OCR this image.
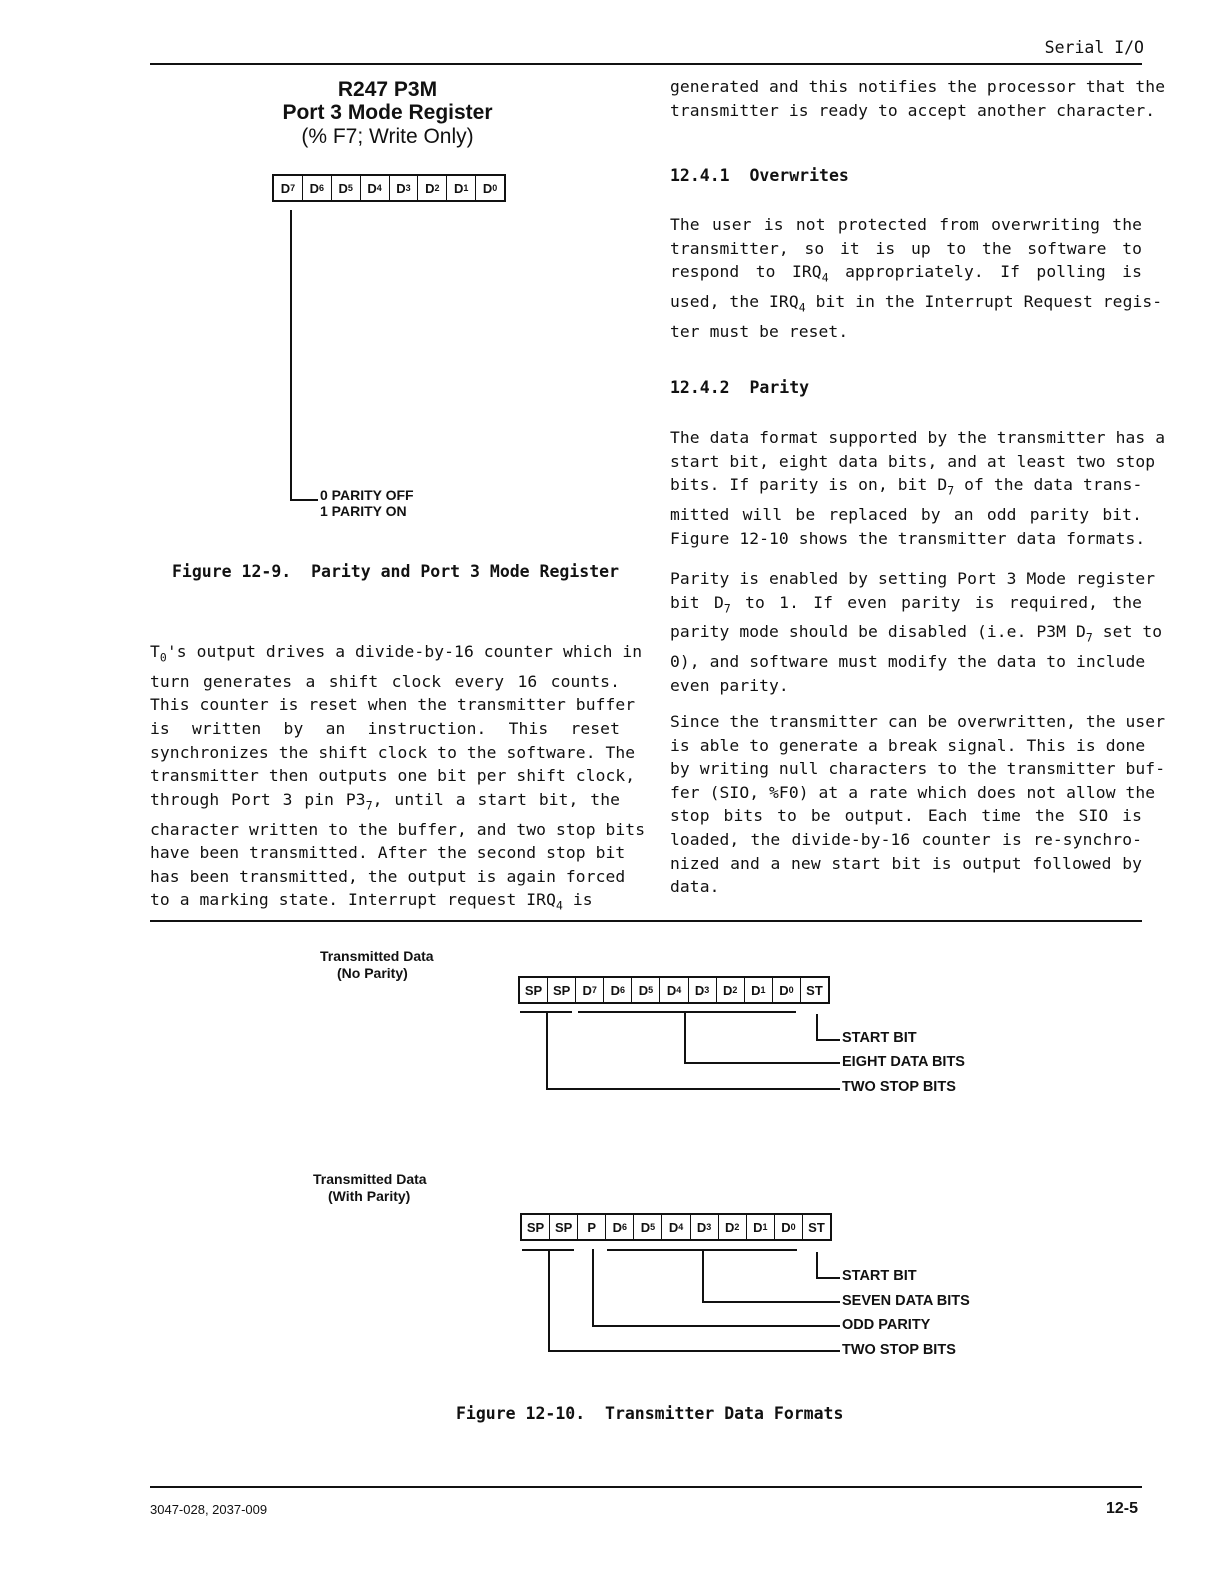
Serial I/O
R247 P3M
Port 3 Mode Register
(% F7; Write Only)
D 7	D 6	D 5	D 4	D 3	D 2	D 1	D 0
0 PARITY OFF
1 PARITY ON
Figure 12-9.  Parity and Port 3 Mode Register
$T_0's$ output drives a divide-by-16 counter which in
turn generates a shift clock every 16 counts.
This counter is reset when the transmitter buffer
is written by an instruction. This reset
synchronizes the shift clock to the software. The
transmitter then outputs one bit per shift clock,
through Port 3 pin $P3_7$, until a start bit, the
character written to the buffer, and two stop bits
have been transmitted. After the second stop bit
has been transmitted, the output is again forced
to a marking state. Interrupt request $IRQ_4$ is
generated and this notifies the processor that the
transmitter is ready to accept another character.
12.4.1  Overwrites
The user is not protected from overwriting the
transmitter, so it is up to the software to
respond to $IRQ_4$ appropriately. If polling is
used, the $IRQ_4$ bit in the Interrupt Request regis-
ter must be reset.
12.4.2  Parity
The data format supported by the transmitter has a
start bit, eight data bits, and at least two stop
bits. If parity is on, bit $D_7$ of the data trans-
mitted will be replaced by an odd parity bit.
Figure 12-10 shows the transmitter data formats.
Parity is enabled by setting Port 3 Mode register
bit $D_7$ to 1. If even parity is required, the
parity mode should be disabled (i.e. P3M $D_7$ set to
0), and software must modify the data to include
even parity.
Since the transmitter can be overwritten, the user
is able to generate a break signal. This is done
by writing null characters to the transmitter buf-
fer (SIO, %F0) at a rate which does not allow the
stop bits to be output. Each time the SIO is
loaded, the divide-by-16 counter is re-synchro-
nized and a new start bit is output followed by
data.
Transmitted Data
(No Parity)
SP SP D 7	D 6	D 5	D 4	D 3	D 2	D 1	D 0 ST
START BIT
EIGHT DATA BITS
TWO STOP BITS
Transmitted Data
(With Parity)
SP SP	P	D 6	D 5	D 4	D 3	D 2	D 1	D 0 ST
START BIT
SEVEN DATA BITS
ODD PARITY
TWO STOP BITS
Figure 12-10.  Transmitter Data Formats
3047-028, 2037-009	12-5
